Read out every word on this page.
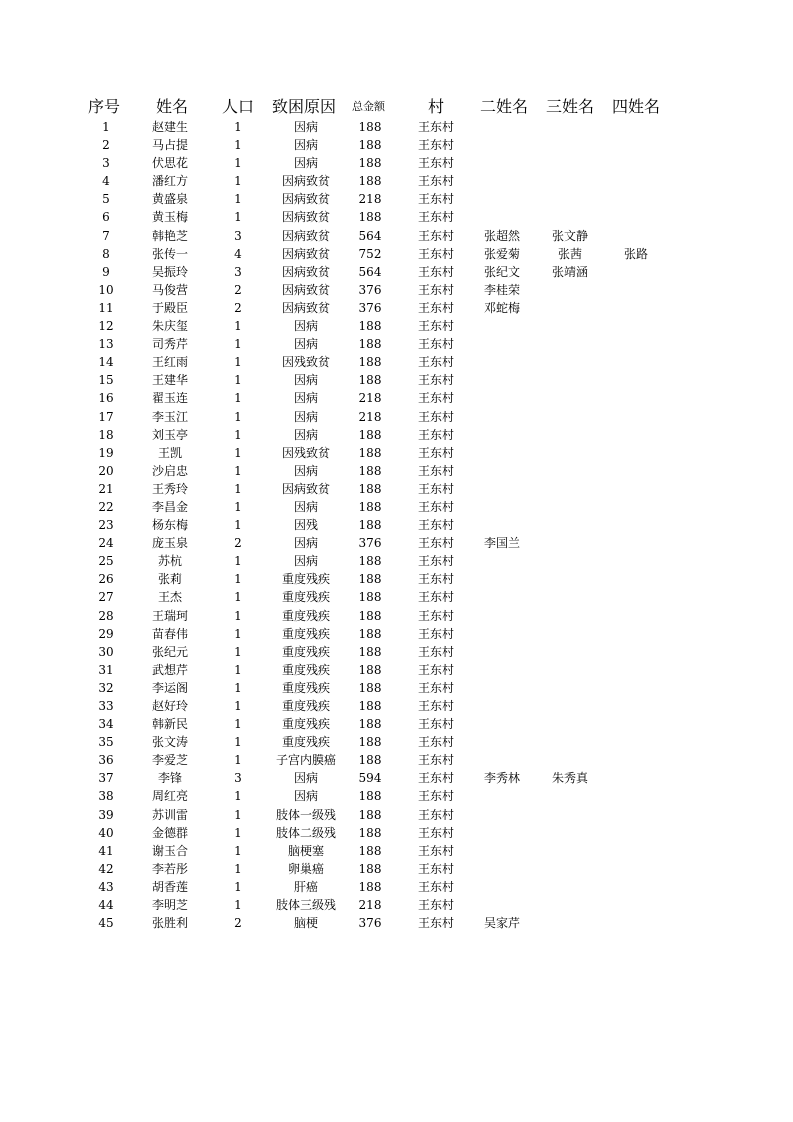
序号 姓名 人口 致困原因 总金额	村 二姓名 三姓名 四姓名
1	赵建生	1	因病	188	王东村
2	马占提	1	因病	188	王东村
3	伏思花	1	因病	188	王东村
4	潘红方	1	因病致贫	188	王东村
5	黄盛泉	1	因病致贫	218	王东村
6	黄玉梅	1	因病致贫	188	王东村
7	韩艳芝	3	因病致贫	564	王东村	张超然	张文静
8	张传一	4	因病致贫	752	王东村	张爱菊	张茜	张路
9	吴振玲	3	因病致贫	564	王东村	张纪文	张靖涵
10	马俊营	2	因病致贫	376	王东村	李桂荣
11	于殿臣	2	因病致贫	376	王东村	邓蛇梅
12	朱庆玺	1	因病	188	王东村
13	司秀芹	1	因病	188	王东村
14	王红雨	1	因残致贫	188	王东村
15	王建华	1	因病	188	王东村
16	翟玉连	1	因病	218	王东村
17	李玉江	1	因病	218	王东村
18	刘玉亭	1	因病	188	王东村
19	王凯	1	因残致贫	188	王东村
20	沙启忠	1	因病	188	王东村
21	王秀玲	1	因病致贫	188	王东村
22	李昌金	1	因病	188	王东村
23	杨东梅	1	因残	188	王东村
24	庞玉泉	2	因病	376	王东村	李国兰
25	苏杭	1	因病	188	王东村
26	张莉	1	重度残疾	188	王东村
27	王杰	1	重度残疾	188	王东村
28	王瑞珂	1	重度残疾	188	王东村
29	苗春伟	1	重度残疾	188	王东村
30	张纪元	1	重度残疾	188	王东村
31	武想芹	1	重度残疾	188	王东村
32	李运阁	1	重度残疾	188	王东村
33	赵好玲	1	重度残疾	188	王东村
34	韩新民	1	重度残疾	188	王东村
35	张文涛	1	重度残疾	188	王东村
36	李爱芝	1	子宫内膜癌	188	王东村
37	李锋	3	因病	594	王东村	李秀林	朱秀真
38	周红亮	1	因病	188	王东村
39	苏训雷	1	肢体一级残	188	王东村
40	金德群	1	肢体二级残	188	王东村
41	谢玉合	1	脑梗塞	188	王东村
42	李若彤	1	卵巢癌	188	王东村
43	胡香莲	1	肝癌	188	王东村
44	李明芝	1	肢体三级残	218	王东村
45	张胜利	2	脑梗	376	王东村	吴家芹
